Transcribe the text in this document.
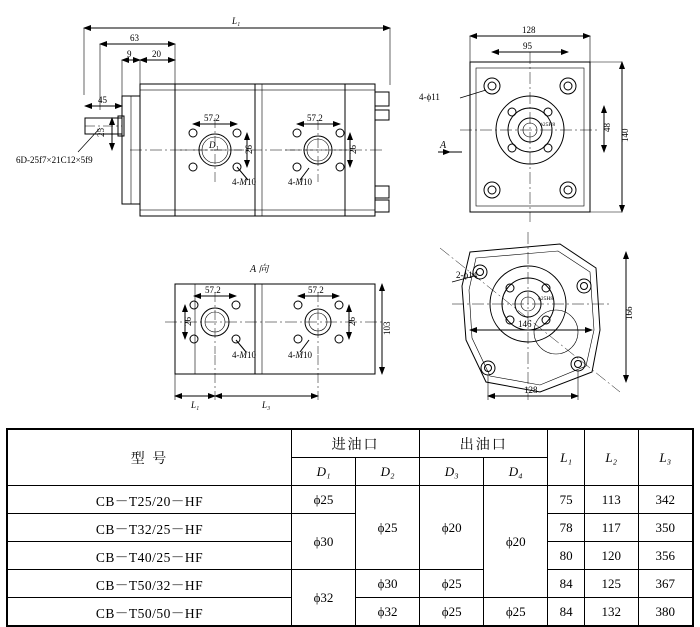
L₁
63
9 20
45
25
57.2
26
57.2
26
4-M10	4-M10
D₁
6D-25f7×21C12×5f9
128
95
48
140
4-ϕ11
ϕ25H8
A
A 向
57.2
26
57.2
26
4-M10	4-M10
103
L₁	L₃
146
166
128
2-ϕ14
ϕ25H8
型 号	进油口		出油口		L₁	L₂	L₃
	D₁	D₂	D₃	D₄			
CB－T25/20－HF	ϕ25	ϕ25	ϕ20	ϕ20	75	113	342
CB－T32/25－HF	ϕ30				78	117	350
CB－T40/25－HF					80	120	356
CB－T50/32－HF	ϕ32	ϕ30	ϕ25		84	125	367
CB－T50/50－HF		ϕ32	ϕ25	ϕ25	84	132	380
